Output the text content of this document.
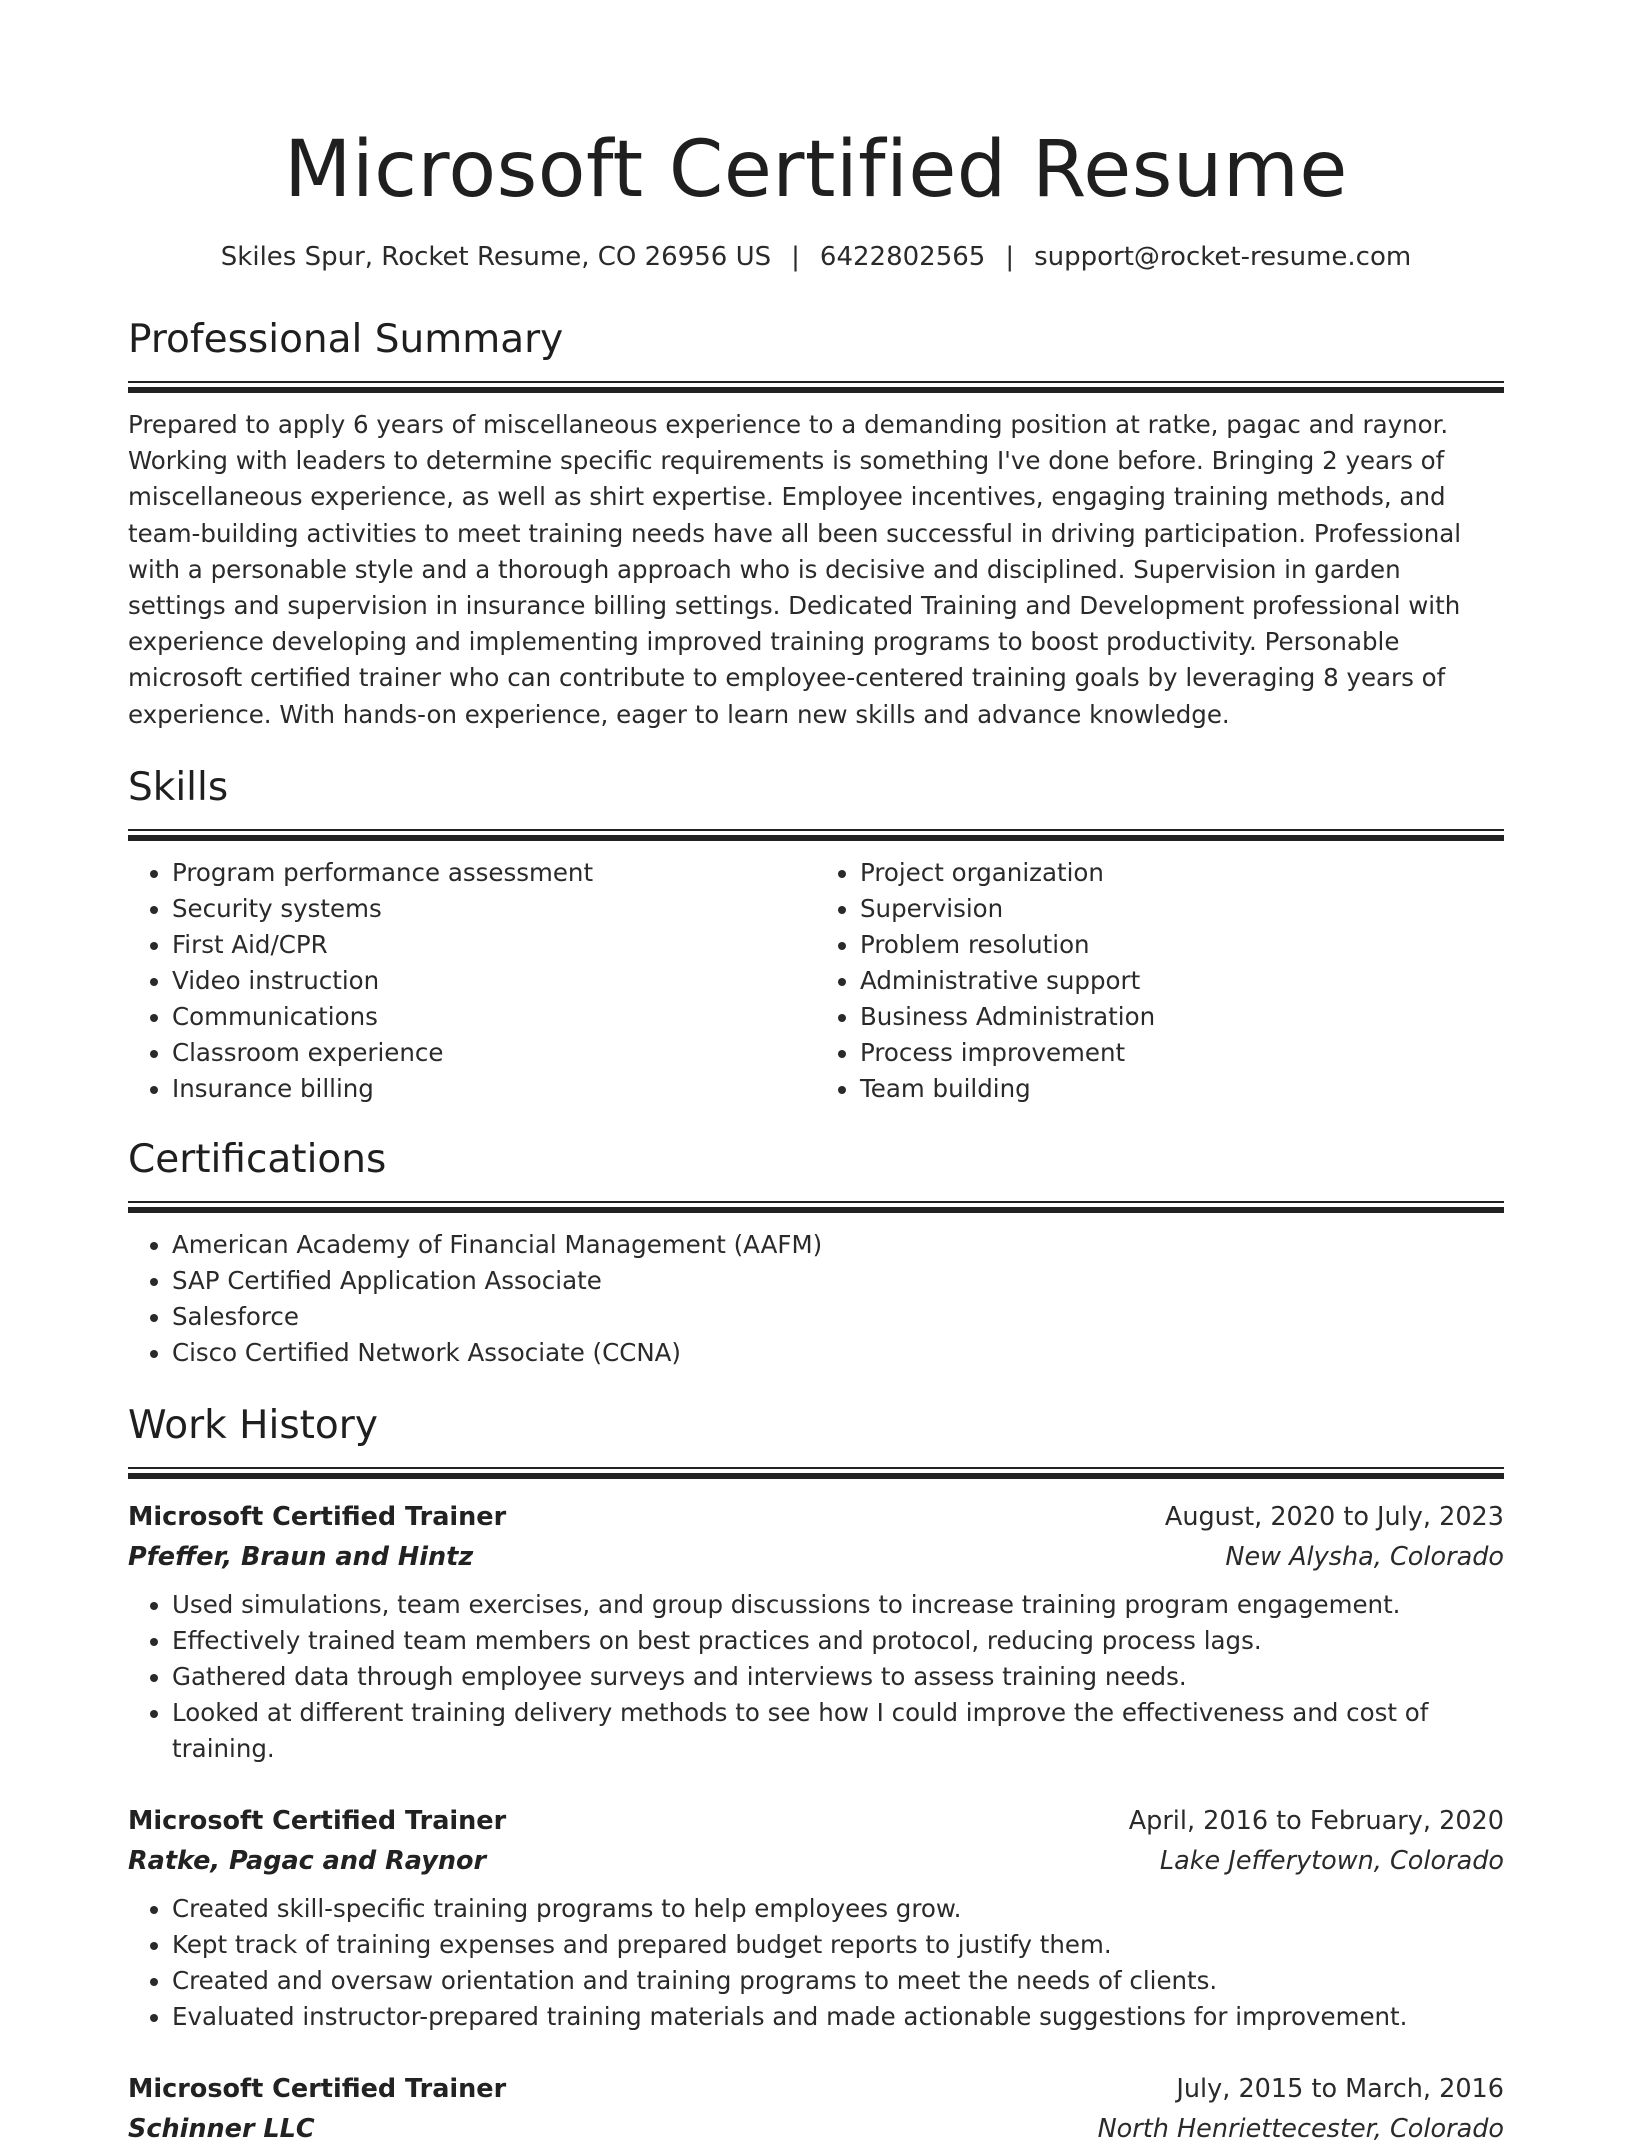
Microsoft Certified Resume
Skiles Spur, Rocket Resume, CO 26956 US | 6422802565 | support@rocket-resume.com
Professional Summary
Prepared to apply 6 years of miscellaneous experience to a demanding position at ratke, pagac and raynor. Working with leaders to determine specific requirements is something I've done before. Bringing 2 years of miscellaneous experience, as well as shirt expertise. Employee incentives, engaging training methods, and team-building activities to meet training needs have all been successful in driving participation. Professional with a personable style and a thorough approach who is decisive and disciplined. Supervision in garden settings and supervision in insurance billing settings. Dedicated Training and Development professional with experience developing and implementing improved training programs to boost productivity. Personable microsoft certified trainer who can contribute to employee-centered training goals by leveraging 8 years of experience. With hands-on experience, eager to learn new skills and advance knowledge.
Skills
• Program performance assessment
• Security systems
• First Aid/CPR
• Video instruction
• Communications
• Classroom experience
• Insurance billing
• Project organization
• Supervision
• Problem resolution
• Administrative support
• Business Administration
• Process improvement
• Team building
Certifications
• American Academy of Financial Management (AAFM)
• SAP Certified Application Associate
• Salesforce
• Cisco Certified Network Associate (CCNA)
Work History
Microsoft Certified Trainer	August, 2020 to July, 2023
Pfeffer, Braun and Hintz	New Alysha, Colorado
• Used simulations, team exercises, and group discussions to increase training program engagement.
• Effectively trained team members on best practices and protocol, reducing process lags.
• Gathered data through employee surveys and interviews to assess training needs.
• Looked at different training delivery methods to see how I could improve the effectiveness and cost of training.
Microsoft Certified Trainer	April, 2016 to February, 2020
Ratke, Pagac and Raynor	Lake Jefferytown, Colorado
• Created skill-specific training programs to help employees grow.
• Kept track of training expenses and prepared budget reports to justify them.
• Created and oversaw orientation and training programs to meet the needs of clients.
• Evaluated instructor-prepared training materials and made actionable suggestions for improvement.
Microsoft Certified Trainer	July, 2015 to March, 2016
Schinner LLC	North Henriettecester, Colorado
